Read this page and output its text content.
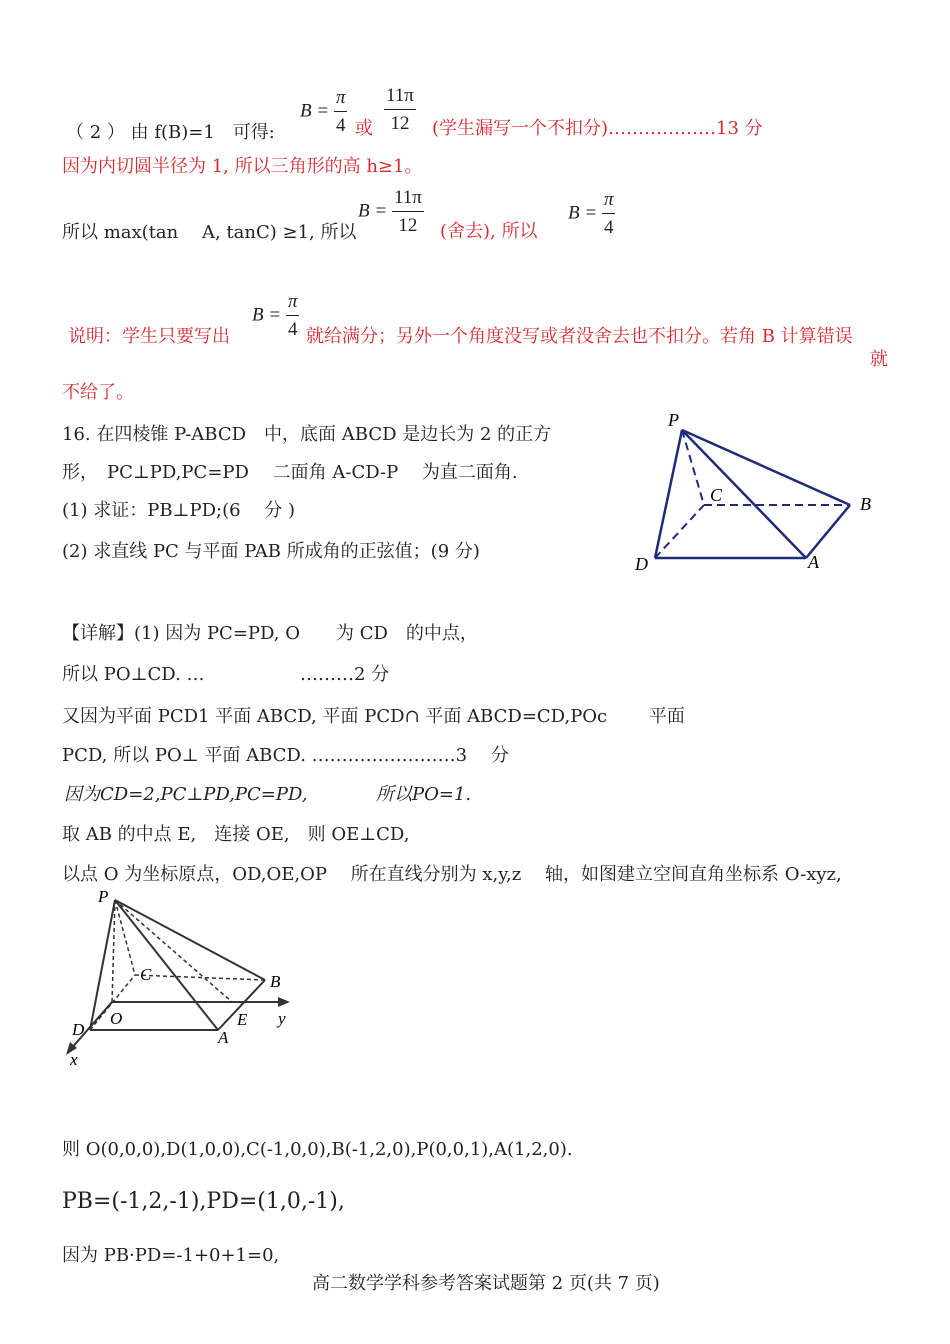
（ 2 ） 由 f(B)=1　可得:
$B = \frac{\pi}{4}$ 或 $\frac{11\pi}{12}$ (学生漏写一个不扣分)………………13 分
因为内切圆半径为 1, 所以三角形的高 h≥1。
所以 max(tan　 A, tanC) ≥1, 所以
$B = \frac{11\pi}{12}$ (舍去), 所以
$B = \frac{\pi}{4}$
说明：学生只要写出
$B = \frac{\pi}{4}$ 就给满分；另外一个角度没写或者没舍去也不扣分。若角 B 计算错误
就
不给了。
16. 在四棱锥 P-ABCD　中，底面 ABCD 是边长为 2 的正方
形，　PC⊥PD,PC=PD　 二面角 A-CD-P　 为直二面角.
(1) 求证：PB⊥PD;(6　 分 )
(2) 求直线 PC 与平面 PAB 所成角的正弦值；(9 分)
P
C	B
D	A
【详解】(1) 因为 PC=PD, O　　为 CD　的中点，
所以 PO⊥CD. …	………2 分
又因为平面 PCD1 平面 ABCD, 平面 PCD∩ 平面 ABCD=CD,POc　　 平面
PCD, 所以 PO⊥ 平面 ABCD. ……………………3　 分
因为CD=2,PC⊥PD,PC=PD,	所以PO=1.
取 AB 的中点 E,　连接 OE,　则 OE⊥CD,
以点 O 为坐标原点，OD,OE,OP　 所在直线分别为 x,y,z　 轴，如图建立空间直角坐标系 O-xyz,
P
C	B
O	E y
D	A
x
则 O(0,0,0),D(1,0,0),C(-1,0,0),B(-1,2,0),P(0,0,1),A(1,2,0).
PB=(-1,2,-1),PD=(1,0,-1),
因为 PB·PD=-1+0+1=0,
高二数学学科参考答案试题第 2 页(共 7 页)
